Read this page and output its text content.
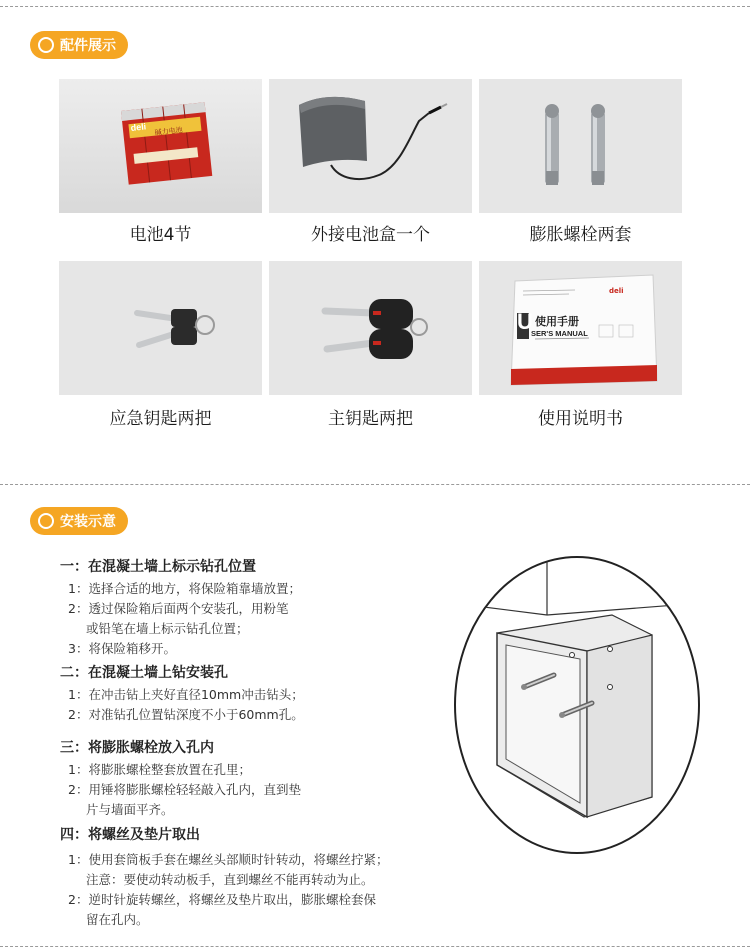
配件展示
deli 碱力电池
电池4节	外接电池盒一个	膨胀螺栓两套
应急钥匙两把	主钥匙两把
deli
U 使用手册
SER'S MANUAL
使用说明书
安装示意
一：在混凝土墙上标示钻孔位置
1：选择合适的地方，将保险箱靠墙放置；
2：透过保险箱后面两个安装孔，用粉笔
或铅笔在墙上标示钻孔位置；
3：将保险箱移开。
二：在混凝土墙上钻安装孔
1：在冲击钻上夹好直径10mm冲击钻头；
2：对准钻孔位置钻深度不小于60mm孔。
三：将膨胀螺栓放入孔内
1：将膨胀螺栓整套放置在孔里；
2：用锤将膨胀螺栓轻轻敲入孔内，直到垫
片与墙面平齐。
四：将螺丝及垫片取出
1：使用套筒板手套在螺丝头部顺时针转动，将螺丝拧紧；
注意：要使动转动板手，直到螺丝不能再转动为止。
2：逆时针旋转螺丝，将螺丝及垫片取出，膨胀螺栓套保
留在孔内。
